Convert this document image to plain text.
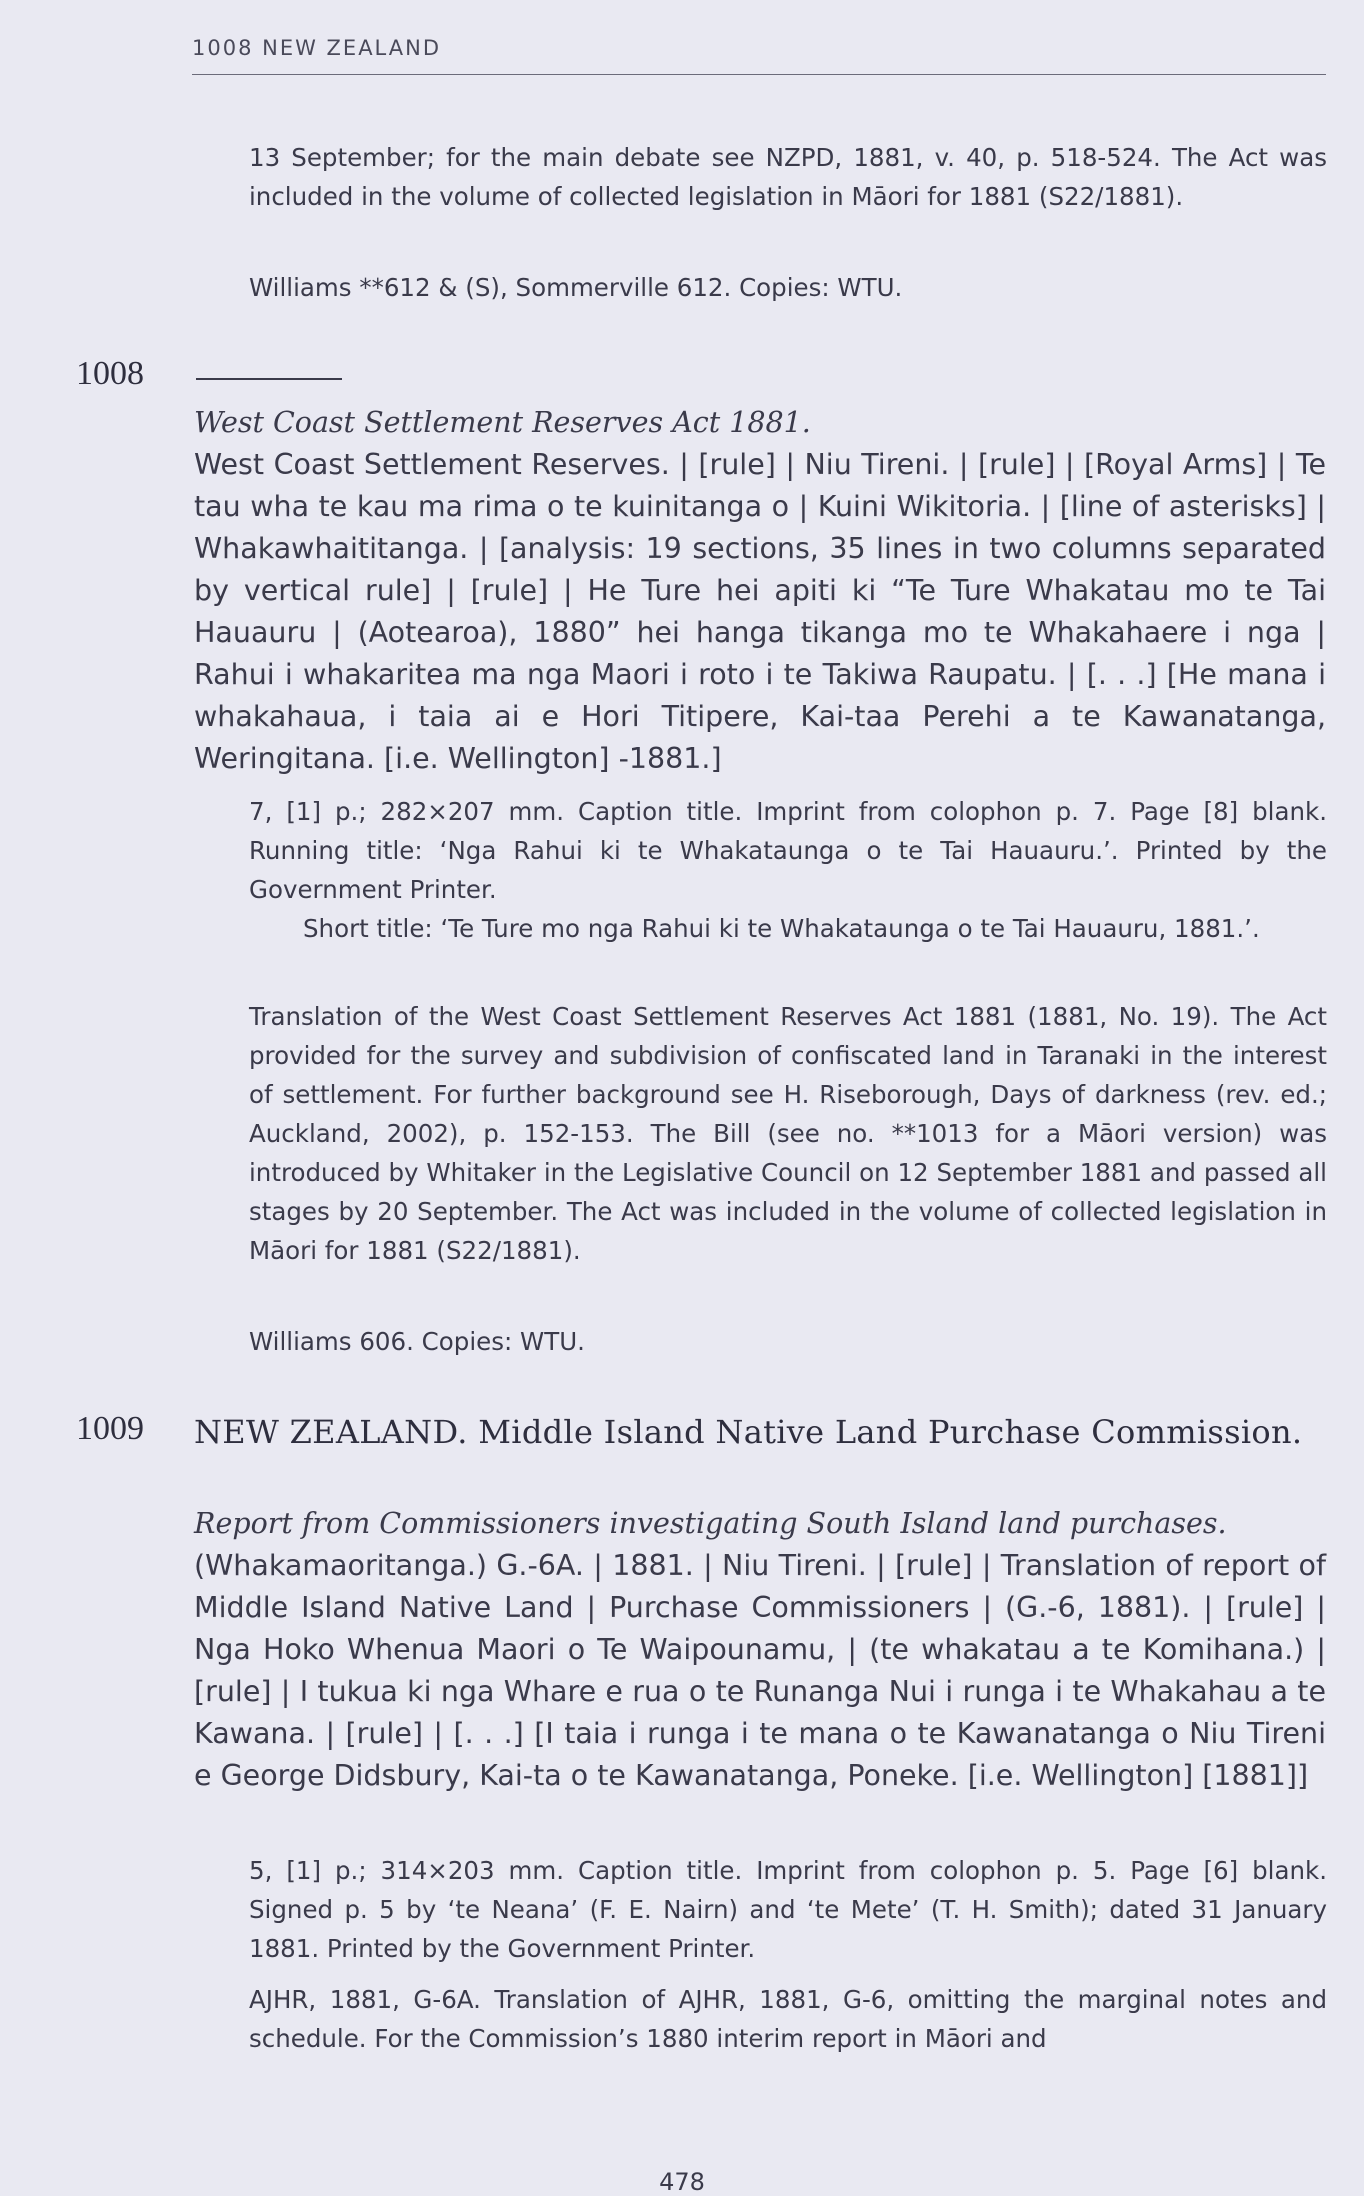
1008 NEW ZEALAND
13 September; for the main debate see NZPD, 1881, v. 40, p. 518-524. The Act was included in the volume of collected legislation in Māori for 1881 (S22/1881).
Williams **612 & (S), Sommerville 612. Copies: WTU.
1008
West Coast Settlement Reserves Act 1881.
West Coast Settlement Reserves. | [rule] | Niu Tireni. | [rule] | [Royal Arms] | Te tau wha te kau ma rima o te kuinitanga o | Kuini Wikitoria. | [line of asterisks] | Whakawhaititanga. | [analysis: 19 sections, 35 lines in two columns separated by vertical rule] | [rule] | He Ture hei apiti ki “Te Ture Whakatau mo te Tai Hauauru | (Aotearoa), 1880” hei hanga tikanga mo te Whakahaere i nga | Rahui i whakaritea ma nga Maori i roto i te Takiwa Raupatu. | [. . .] [He mana i whakahaua, i taia ai e Hori Titipere, Kai-taa Perehi a te Kawanatanga, Weringitana. [i.e. Wellington] -1881.]
7, [1] p.; 282×207 mm. Caption title. Imprint from colophon p. 7. Page [8] blank. Running title: ‘Nga Rahui ki te Whakataunga o te Tai Hauauru.’. Printed by the Government Printer.
Short title: ‘Te Ture mo nga Rahui ki te Whakataunga o te Tai Hauauru, 1881.’.
Translation of the West Coast Settlement Reserves Act 1881 (1881, No. 19). The Act provided for the survey and subdivision of confiscated land in Taranaki in the interest of settlement. For further background see H. Riseborough, Days of darkness (rev. ed.; Auckland, 2002), p. 152-153. The Bill (see no. **1013 for a Māori version) was introduced by Whitaker in the Legislative Council on 12 September 1881 and passed all stages by 20 September. The Act was included in the volume of collected legislation in Māori for 1881 (S22/1881).
Williams 606. Copies: WTU.
1009 NEW ZEALAND. Middle Island Native Land Purchase Commission.
Report from Commissioners investigating South Island land purchases.
(Whakamaoritanga.) G.-6A. | 1881. | Niu Tireni. | [rule] | Translation of report of Middle Island Native Land | Purchase Commissioners | (G.-6, 1881). | [rule] | Nga Hoko Whenua Maori o Te Waipounamu, | (te whakatau a te Komihana.) | [rule] | I tukua ki nga Whare e rua o te Runanga Nui i runga i te Whakahau a te Kawana. | [rule] | [. . .] [I taia i runga i te mana o te Kawanatanga o Niu Tireni e George Didsbury, Kai-ta o te Kawanatanga, Poneke. [i.e. Wellington] [1881]]
5, [1] p.; 314×203 mm. Caption title. Imprint from colophon p. 5. Page [6] blank. Signed p. 5 by ‘te Neana’ (F. E. Nairn) and ‘te Mete’ (T. H. Smith); dated 31 January 1881. Printed by the Government Printer.
AJHR, 1881, G-6A. Translation of AJHR, 1881, G-6, omitting the marginal notes and schedule. For the Commission’s 1880 interim report in Māori and
478
